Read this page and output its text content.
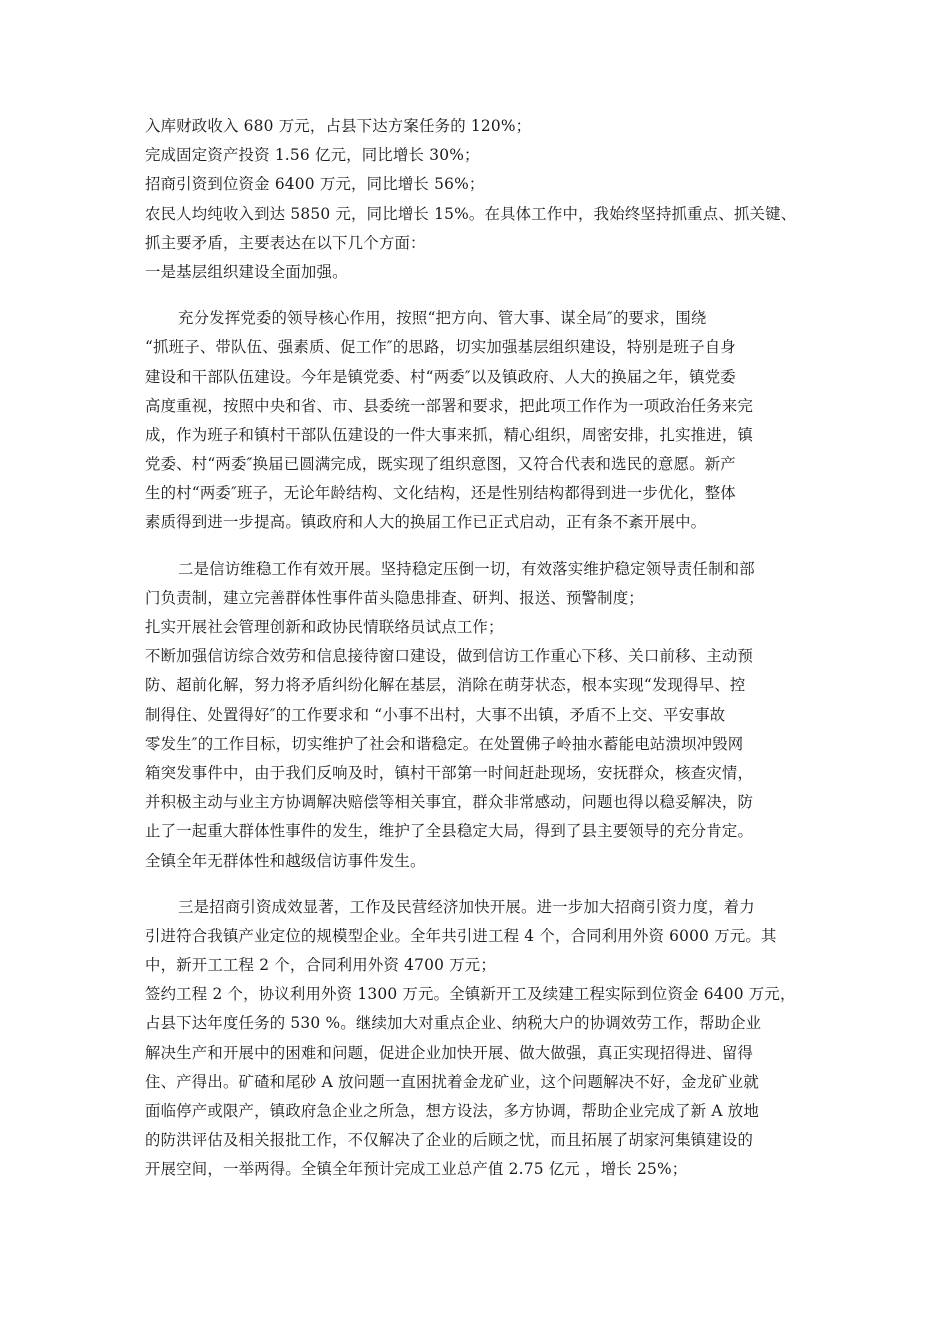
入库财政收入 680 万元，占县下达方案任务的 120%；
完成固定资产投资 1.56 亿元，同比增长 30%；
招商引资到位资金 6400 万元，同比增长 56%；
农民人均纯收入到达 5850 元，同比增长 15%。在具体工作中，我始终坚持抓重点、抓关键、
抓主要矛盾，主要表达在以下几个方面：
一是基层组织建设全面加强。
充分发挥党委的领导核心作用，按照“把方向、管大事、谋全局″的要求，围绕
“抓班子、带队伍、强素质、促工作″的思路，切实加强基层组织建设，特别是班子自身
建设和干部队伍建设。今年是镇党委、村“两委″以及镇政府、人大的换届之年，镇党委
高度重视，按照中央和省、市、县委统一部署和要求，把此项工作作为一项政治任务来完
成，作为班子和镇村干部队伍建设的一件大事来抓，精心组织，周密安排，扎实推进，镇
党委、村“两委″换届已圆满完成，既实现了组织意图，又符合代表和选民的意愿。新产
生的村“两委″班子，无论年龄结构、文化结构，还是性别结构都得到进一步优化，整体
素质得到进一步提高。镇政府和人大的换届工作已正式启动，正有条不紊开展中。
二是信访维稳工作有效开展。坚持稳定压倒一切，有效落实维护稳定领导责任制和部
门负责制，建立完善群体性事件苗头隐患排查、研判、报送、预警制度；
扎实开展社会管理创新和政协民情联络员试点工作；
不断加强信访综合效劳和信息接待窗口建设，做到信访工作重心下移、关口前移、主动预
防、超前化解，努力将矛盾纠纷化解在基层，消除在萌芽状态，根本实现“发现得早、控
制得住、处置得好″的工作要求和 “小事不出村，大事不出镇，矛盾不上交、平安事故
零发生″的工作目标，切实维护了社会和谐稳定。在处置佛子岭抽水蓄能电站溃坝冲毁网
箱突发事件中，由于我们反响及时，镇村干部第一时间赶赴现场，安抚群众，核查灾情，
并积极主动与业主方协调解决赔偿等相关事宜，群众非常感动，问题也得以稳妥解决，防
止了一起重大群体性事件的发生，维护了全县稳定大局，得到了县主要领导的充分肯定。
全镇全年无群体性和越级信访事件发生。
三是招商引资成效显著，工作及民营经济加快开展。进一步加大招商引资力度，着力
引进符合我镇产业定位的规模型企业。全年共引进工程 4 个，合同利用外资 6000 万元。其
中，新开工工程 2 个，合同利用外资 4700 万元；
签约工程 2 个，协议利用外资 1300 万元。全镇新开工及续建工程实际到位资金 6400 万元，
占县下达年度任务的 530 %。继续加大对重点企业、纳税大户的协调效劳工作，帮助企业
解决生产和开展中的困难和问题，促进企业加快开展、做大做强，真正实现招得进、留得
住、产得出。矿碴和尾砂 A 放问题一直困扰着金龙矿业，这个问题解决不好，金龙矿业就
面临停产或限产，镇政府急企业之所急，想方设法，多方协调，帮助企业完成了新 A 放地
的防洪评估及相关报批工作，不仅解决了企业的后顾之忧，而且拓展了胡家河集镇建设的
开展空间，一举两得。全镇全年预计完成工业总产值 2.75 亿元 ，增长 25%；
